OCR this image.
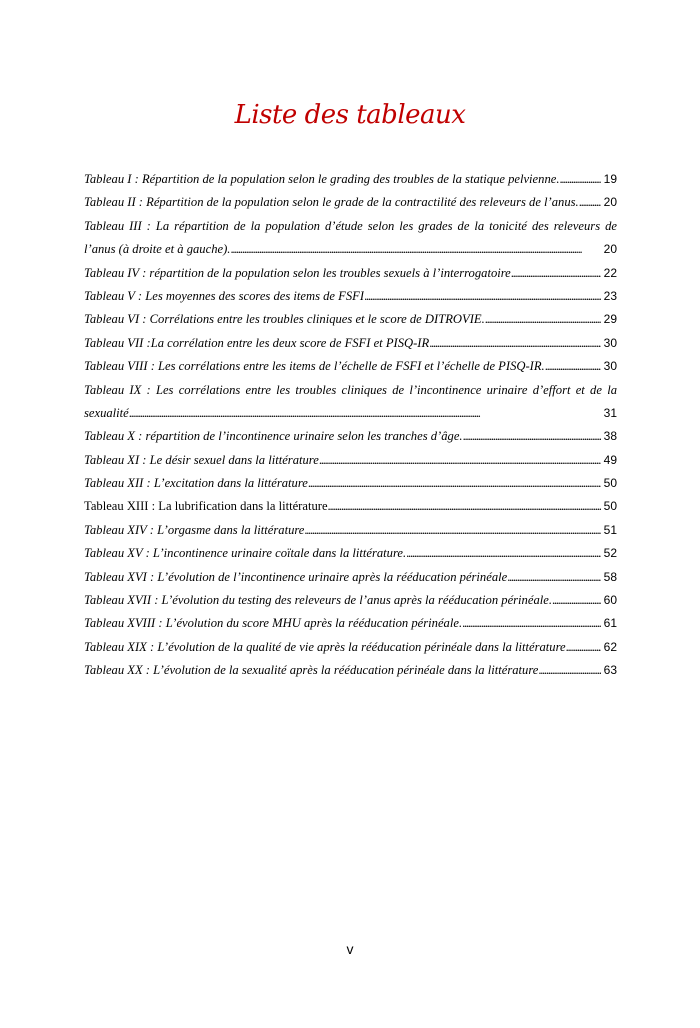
Liste des tableaux
Tableau I : Répartition de la population selon le grading des troubles de la statique pelvienne. . . .	19
Tableau II : Répartition de la population selon le grade de la contractilité des releveurs de l’anus. . . . 20
Tableau III : La répartition de la population d’étude selon les grades de la tonicité des releveurs de
l’anus (à droite et à gauche). . . .	20
Tableau IV : répartition de la population selon les troubles sexuels à l’interrogatoire . . .	22
Tableau V : Les moyennes des scores des items de FSFI . . .	23
Tableau VI : Corrélations entre les troubles cliniques et le score de DITROVIE. . . .	29
Tableau VII :La corrélation entre les deux score de FSFI et PISQ-IR . . .	30
Tableau VIII : Les corrélations entre les items de l’échelle de FSFI et l’échelle de PISQ-IR. . . .	30
Tableau IX : Les corrélations entre les troubles cliniques de l’incontinence urinaire d’effort et de la
sexualité . . .	31
Tableau X : répartition de l’incontinence urinaire selon les tranches d’âge. . . .	38
Tableau XI : Le désir sexuel dans la littérature . . .	49
Tableau XII : L’excitation dans la littérature . . .	50
Tableau XIII : La lubrification dans la littérature . . .	50
Tableau XIV : L’orgasme dans la littérature . . .	51
Tableau XV : L’incontinence urinaire coïtale dans la littérature. . . .	52
Tableau XVI : L’évolution de l’incontinence urinaire après la rééducation périnéale . . .	58
Tableau XVII : L’évolution du testing des releveurs de l’anus après la rééducation périnéale. . . .	60
Tableau XVIII : L’évolution du score MHU après la rééducation périnéale. . . .	61
Tableau XIX : L’évolution de la qualité de vie après la rééducation périnéale dans la littérature . . .	62
Tableau XX : L’évolution de la sexualité après la rééducation périnéale dans la littérature . . .	63
v
